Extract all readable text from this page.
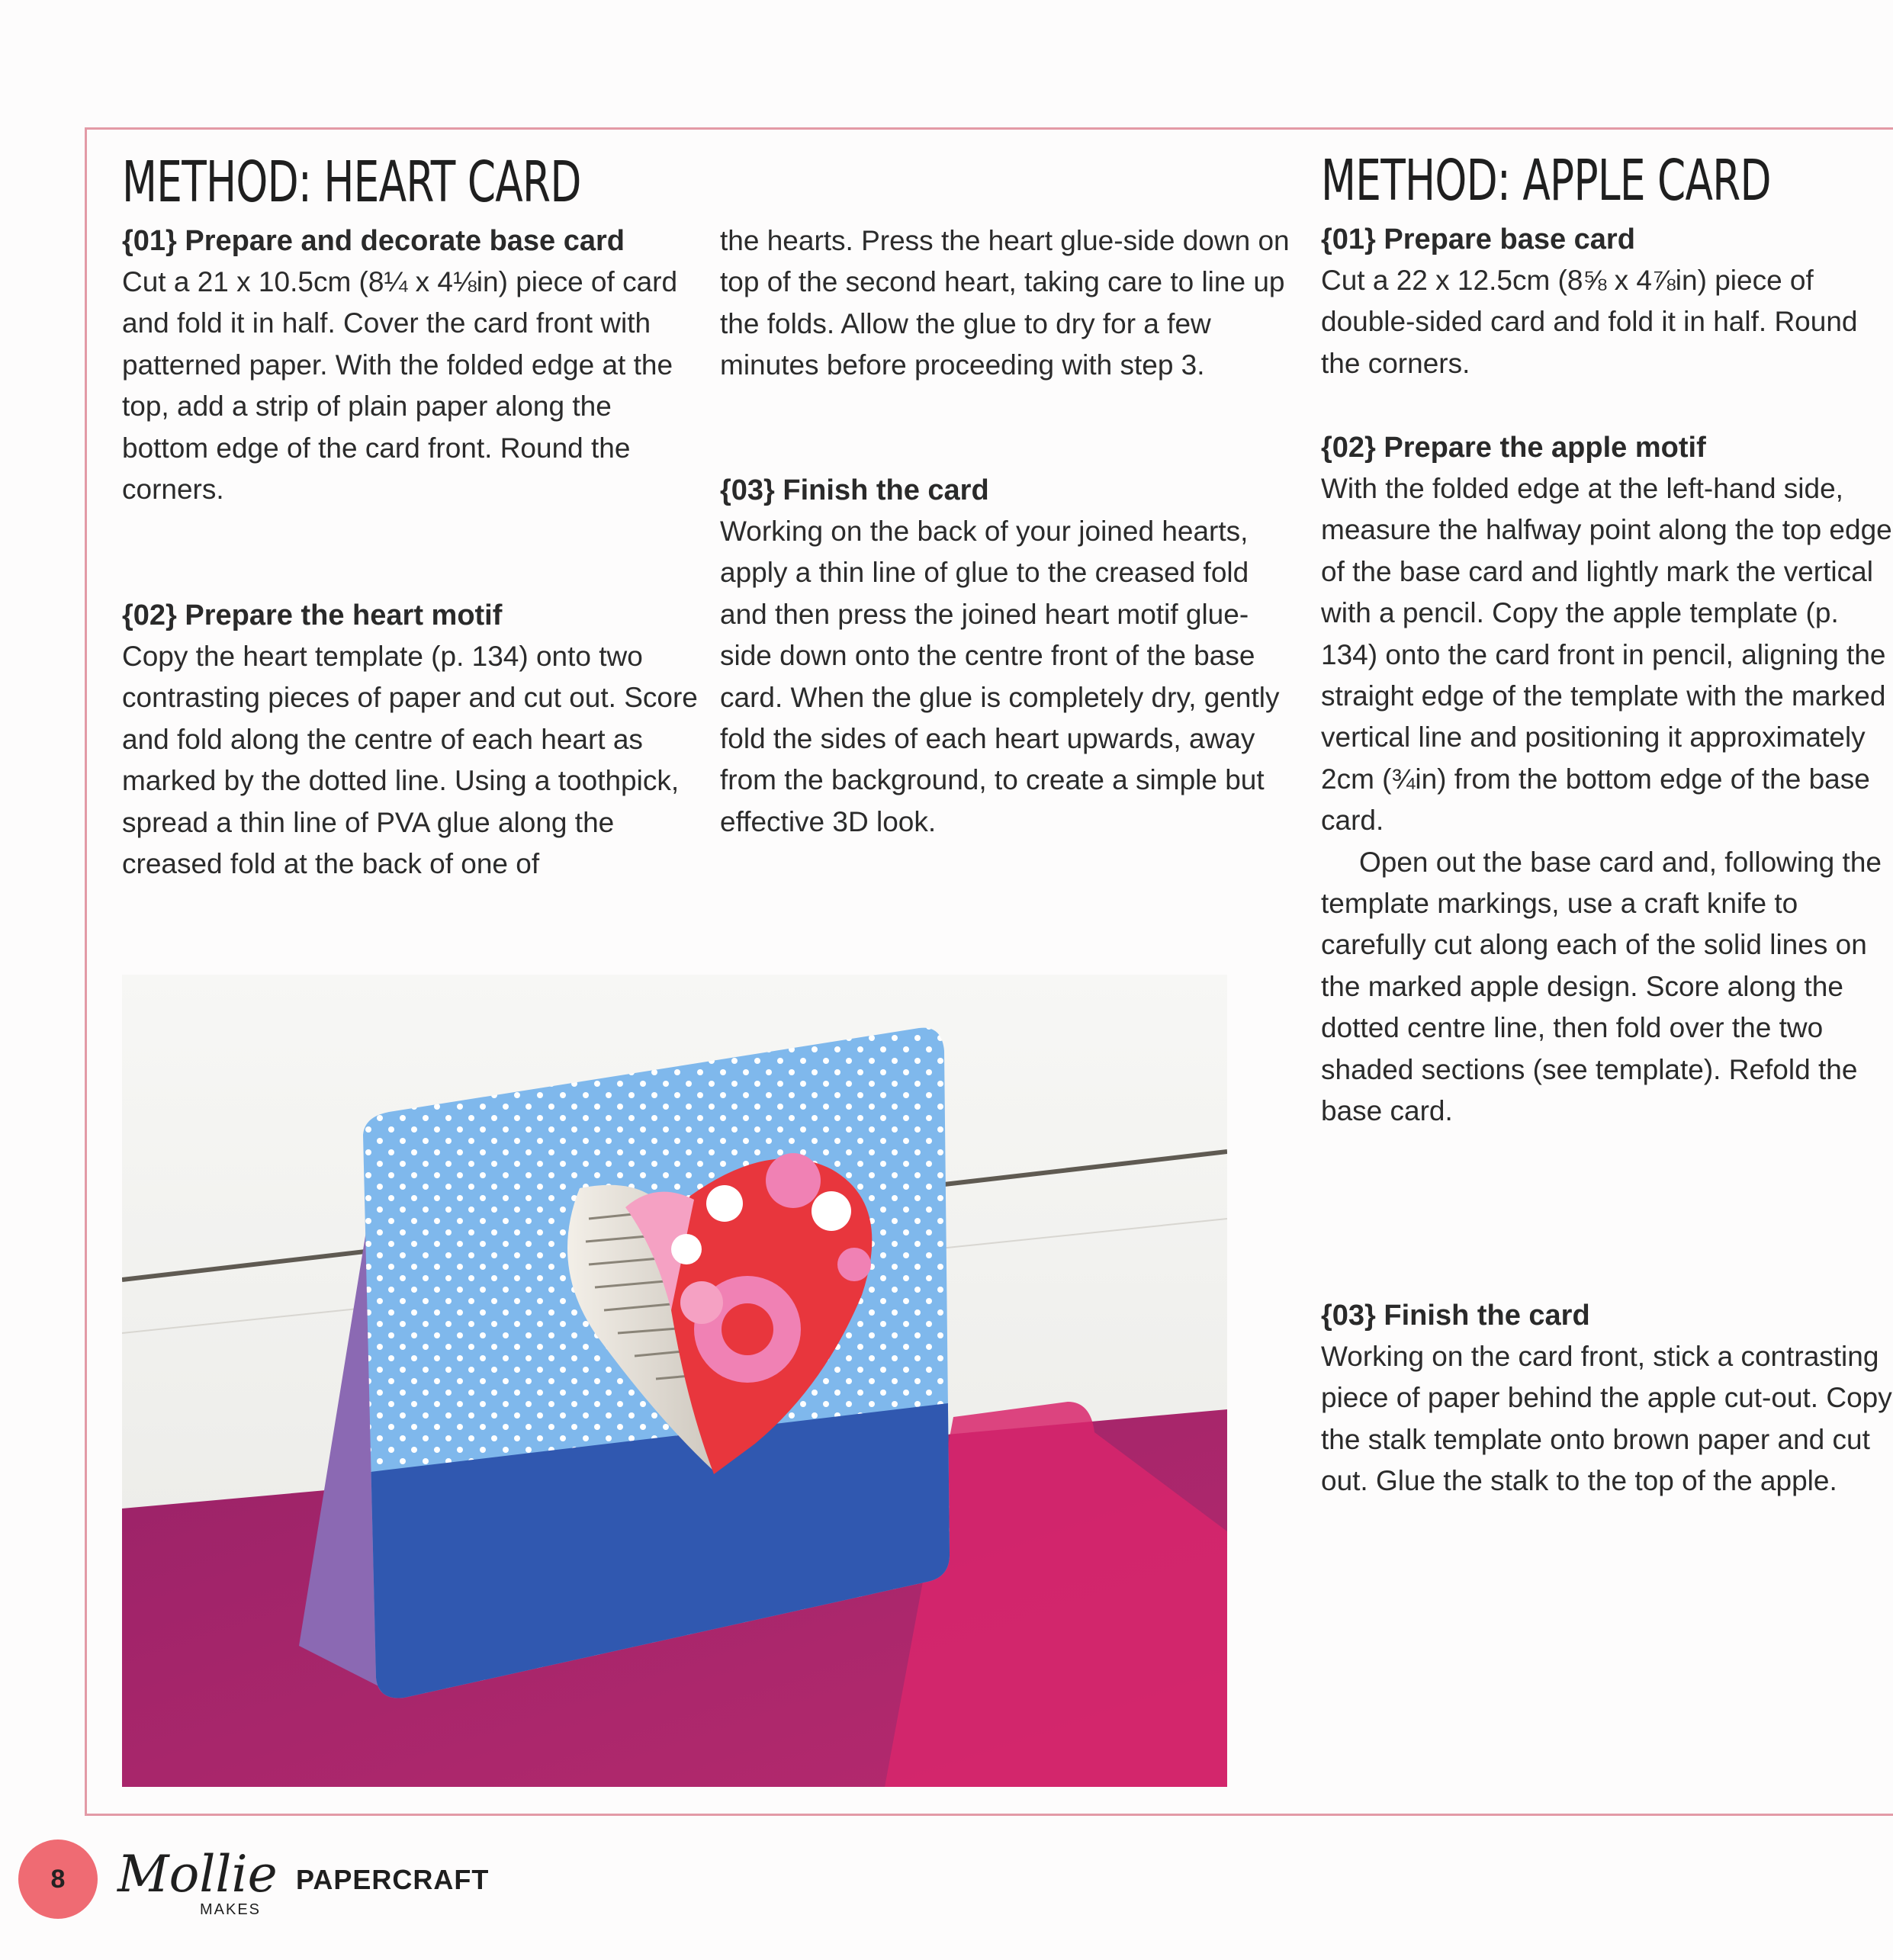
METHOD: HEART CARD
{01} Prepare and decorate base card

Cut a 21 x 10.5cm (8¼ x 4⅛in) piece of card and fold it in half. Cover the card front with patterned paper. With the folded edge at the top, add a strip of plain paper along the bottom edge of the card front. Round the corners.

{02} Prepare the heart motif

Copy the heart template (p. 134) onto two contrasting pieces of paper and cut out. Score and fold along the centre of each heart as marked by the dotted line. Using a toothpick, spread a thin line of PVA glue along the creased fold at the back of one of

the hearts. Press the heart glue-side down on top of the second heart, taking care to line up the folds. Allow the glue to dry for a few minutes before proceeding with step 3.

{03} Finish the card

Working on the back of your joined hearts, apply a thin line of glue to the creased fold and then press the joined heart motif glue-side down onto the centre front of the base card. When the glue is completely dry, gently fold the sides of each heart upwards, away from the background, to create a simple but effective 3D look.

METHOD: APPLE CARD
{01} Prepare base card

Cut a 22 x 12.5cm (8⅝ x 4⅞in) piece of double-sided card and fold it in half. Round the corners.

{02} Prepare the apple motif

With the folded edge at the left-hand side, measure the halfway point along the top edge of the base card and lightly mark the vertical with a pencil. Copy the apple template (p. 134) onto the card front in pencil, aligning the straight edge of the template with the marked vertical line and positioning it approximately 2cm (¾in) from the bottom edge of the base card.

Open out the base card and, following the template markings, use a craft knife to carefully cut along each of the solid lines on the marked apple design. Score along the dotted centre line, then fold over the two shaded sections (see template). Refold the base card.

{03} Finish the card

Working on the card front, stick a contrasting piece of paper behind the apple cut-out. Copy the stalk template onto brown paper and cut out. Glue the stalk to the top of the apple.

8	Mollie
MAKES
PAPERCRAFT
